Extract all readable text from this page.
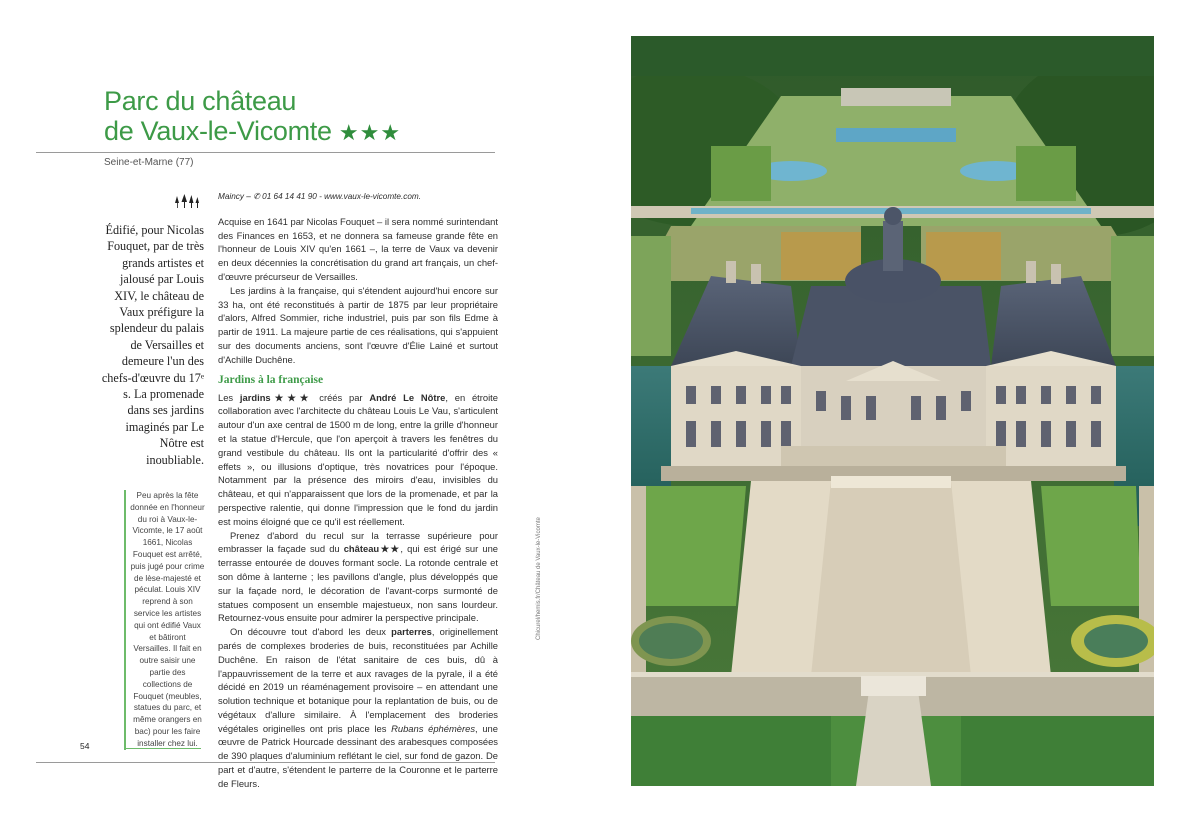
Parc du château
de Vaux-le-Vicomte ★★★
Seine-et-Marne (77)
Édifié, pour Nicolas Fouquet, par de très grands artistes et jalousé par Louis XIV, le château de Vaux préfigure la splendeur du palais de Versailles et demeure l'un des chefs-d'œuvre du 17ᵉ s. La promenade dans ses jardins imaginés par Le Nôtre est inoubliable.
Peu après la fête donnée en l'honneur du roi à Vaux-le-Vicomte, le 17 août 1661, Nicolas Fouquet est arrêté, puis jugé pour crime de lèse-majesté et péculat. Louis XIV reprend à son service les artistes qui ont édifié Vaux et bâtiront Versailles. Il fait en outre saisir une partie des collections de Fouquet (meubles, statues du parc, et même orangers en bac) pour les faire installer chez lui.
54

Maincy – ✆ 01 64 14 41 90 - www.vaux-le-vicomte.com.

Acquise en 1641 par Nicolas Fouquet – il sera nommé surintendant des Finances en 1653, et ne donnera sa fameuse grande fête en l'honneur de Louis XIV qu'en 1661 –, la terre de Vaux va devenir en deux décennies la concrétisation du grand art français, un chef-d'œuvre précurseur de Versailles.

Les jardins à la française, qui s'étendent aujourd'hui encore sur 33 ha, ont été reconstitués à partir de 1875 par leur propriétaire d'alors, Alfred Sommier, riche industriel, puis par son fils Edme à partir de 1911. La majeure partie de ces réalisations, qui s'appuient sur des documents anciens, sont l'œuvre d'Élie Lainé et surtout d'Achille Duchêne.

Jardins à la française

Les jardins★★★ créés par André Le Nôtre, en étroite collaboration avec l'architecte du château Louis Le Vau, s'articulent autour d'un axe central de 1500 m de long, entre la grille d'honneur et la statue d'Hercule, que l'on aperçoit à travers les fenêtres du grand vestibule du château. Ils ont la particularité d'offrir des « effets », ou illusions d'optique, très novatrices pour l'époque. Notamment par la présence des miroirs d'eau, invisibles du château, et qui n'apparaissent que lors de la promenade, et par la perspective ralentie, qui donne l'impression que le fond du jardin est moins éloigné que ce qu'il est réellement.

Prenez d'abord du recul sur la terrasse supérieure pour embrasser la façade sud du château★★, qui est érigé sur une terrasse entourée de douves formant socle. La rotonde centrale et son dôme à lanterne ; les pavillons d'angle, plus développés que sur la façade nord, le décoration de l'avant-corps surmonté de statues composent un ensemble majestueux, non sans lourdeur. Retournez-vous ensuite pour admirer la perspective principale.

On découvre tout d'abord les deux parterres, originellement parés de complexes broderies de buis, reconstituées par Achille Duchêne. En raison de l'état sanitaire de ces buis, dû à l'appauvrissement de la terre et aux ravages de la pyrale, il a été décidé en 2019 un réaménagement provisoire – en attendant une solution technique et botanique pour la replantation de buis, ou de végétaux d'allure similaire. À l'emplacement des broderies végétales originelles ont pris place les Rubans éphémères, une œuvre de Patrick Hourcade dessinant des arabesques composées de 390 plaques d'aluminium reflétant le ciel, sur fond de gazon. De part et d'autre, s'étendent le parterre de la Couronne et le parterre de Fleurs.

Chicurel/hemis.fr/Château de Vaux-le-Vicomte
